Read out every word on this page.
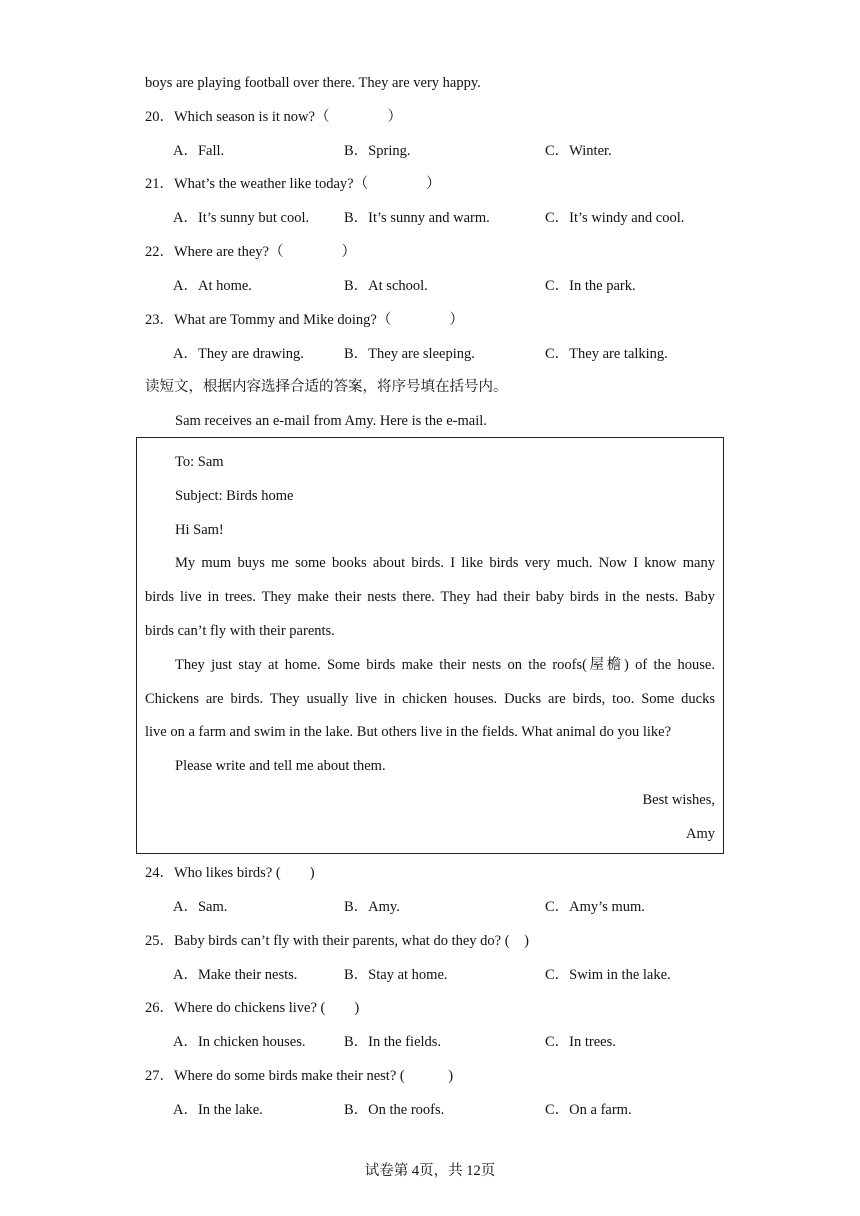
boys are playing football over there. They are very happy.
20．Which season is it now?（　　　　）
A．Fall.	B．Spring.	C．Winter.
21．What’s the weather like today?（　　　　）
A．It’s sunny but cool. B．It’s sunny and warm.	C．It’s windy and cool.
22．Where are they?（　　　　）
A．At home.	B．At school.	C．In the park.
23．What are Tommy and Mike doing?（　　　　）
A．They are drawing.	B．They are sleeping.	C．They are talking.
读短文，根据内容选择合适的答案，将序号填在括号内。
Sam receives an e-mail from Amy. Here is the e-mail.
To: Sam
Subject: Birds home
Hi Sam!
My mum buys me some books about birds. I like birds very much. Now I know many
birds live in trees. They make their nests there. They had their baby birds in the nests. Baby
birds can’t fly with their parents.
They just stay at home. Some birds make their nests on the roofs(屋檐) of the house.
Chickens are birds. They usually live in chicken houses. Ducks are birds, too. Some ducks
live on a farm and swim in the lake. But others live in the fields. What animal do you like?
Please write and tell me about them.
Best wishes,
Amy
24．Who likes birds? (　　)
A．Sam.	B．Amy.	C．Amy’s mum.
25．Baby birds can’t fly with their parents, what do they do? (　)
A．Make their nests.	B．Stay at home.	C．Swim in the lake.
26．Where do chickens live? (　　)
A．In chicken houses.	B．In the fields.	C．In trees.
27．Where do some birds make their nest? (　　　)
A．In the lake.	B．On the roofs.	C．On a farm.
试卷第 4页，共 12页
